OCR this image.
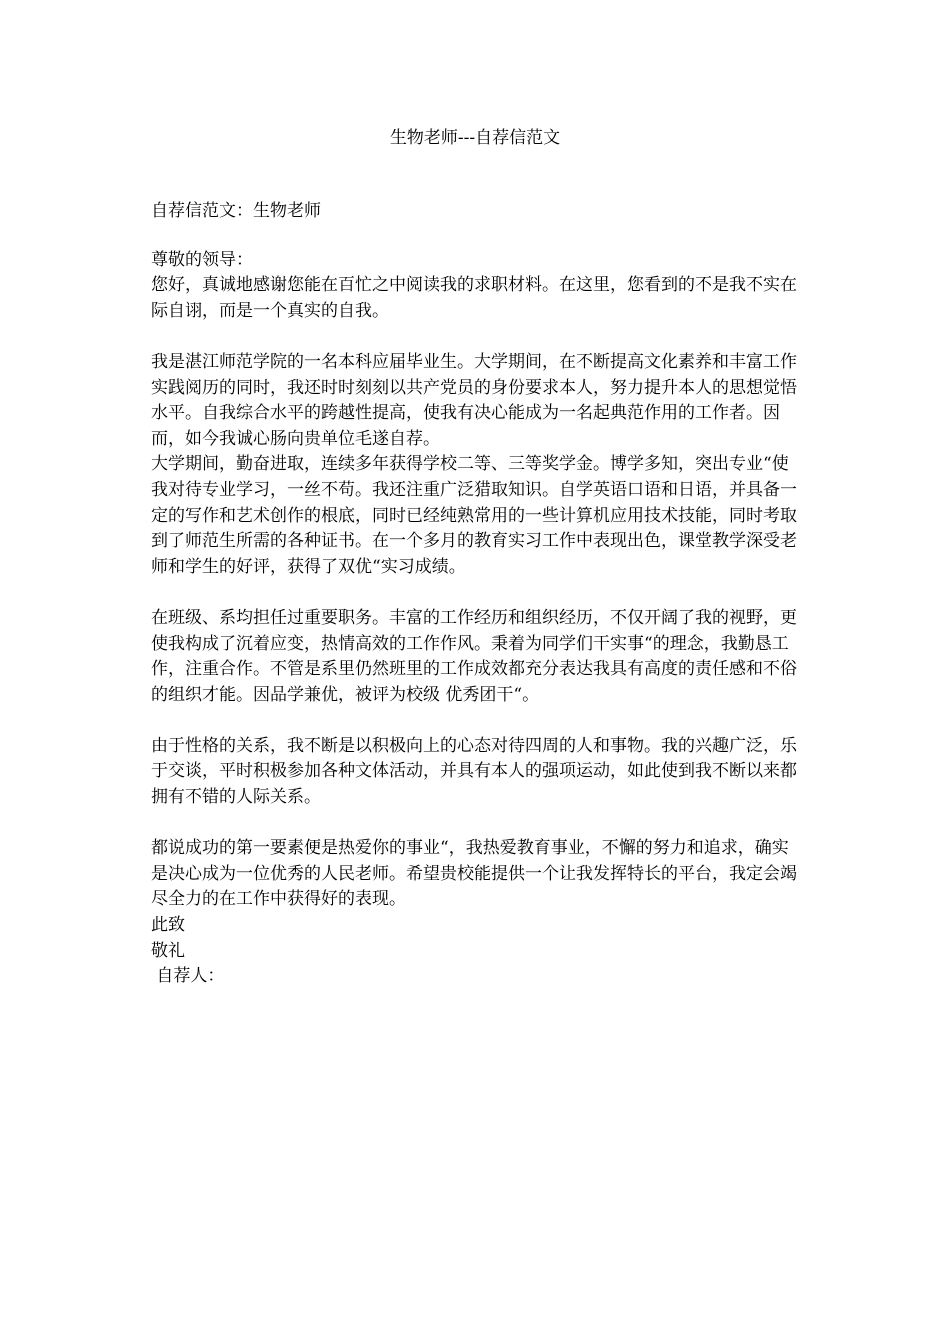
生物老师---自荐信范文

自荐信范文：生物老师

尊敬的领导：

您好，真诚地感谢您能在百忙之中阅读我的求职材料。在这里，您看到的不是我不实在际自诩，而是一个真实的自我。

我是湛江师范学院的一名本科应届毕业生。大学期间，在不断提高文化素养和丰富工作实践阅历的同时，我还时时刻刻以共产党员的身份要求本人，努力提升本人的思想觉悟水平。自我综合水平的跨越性提高，使我有决心能成为一名起典范作用的工作者。因而，如今我诚心肠向贵单位毛遂自荐。

大学期间，勤奋进取，连续多年获得学校二等、三等奖学金。博学多知，突出专业“使我对待专业学习，一丝不苟。我还注重广泛猎取知识。自学英语口语和日语，并具备一定的写作和艺术创作的根底，同时已经纯熟常用的一些计算机应用技术技能，同时考取到了师范生所需的各种证书。在一个多月的教育实习工作中表现出色，课堂教学深受老师和学生的好评，获得了双优“实习成绩。

在班级、系均担任过重要职务。丰富的工作经历和组织经历，不仅开阔了我的视野，更使我构成了沉着应变，热情高效的工作作风。秉着为同学们干实事“的理念，我勤恳工作，注重合作。不管是系里仍然班里的工作成效都充分表达我具有高度的责任感和不俗的组织才能。因品学兼优，被评为校级 优秀团干“。

由于性格的关系，我不断是以积极向上的心态对待四周的人和事物。我的兴趣广泛，乐于交谈，平时积极参加各种文体活动，并具有本人的强项运动，如此使到我不断以来都拥有不错的人际关系。

都说成功的第一要素便是热爱你的事业“，我热爱教育事业，不懈的努力和追求，确实是决心成为一位优秀的人民老师。希望贵校能提供一个让我发挥特长的平台，我定会竭尽全力的在工作中获得好的表现。

此致

敬礼

自荐人：
